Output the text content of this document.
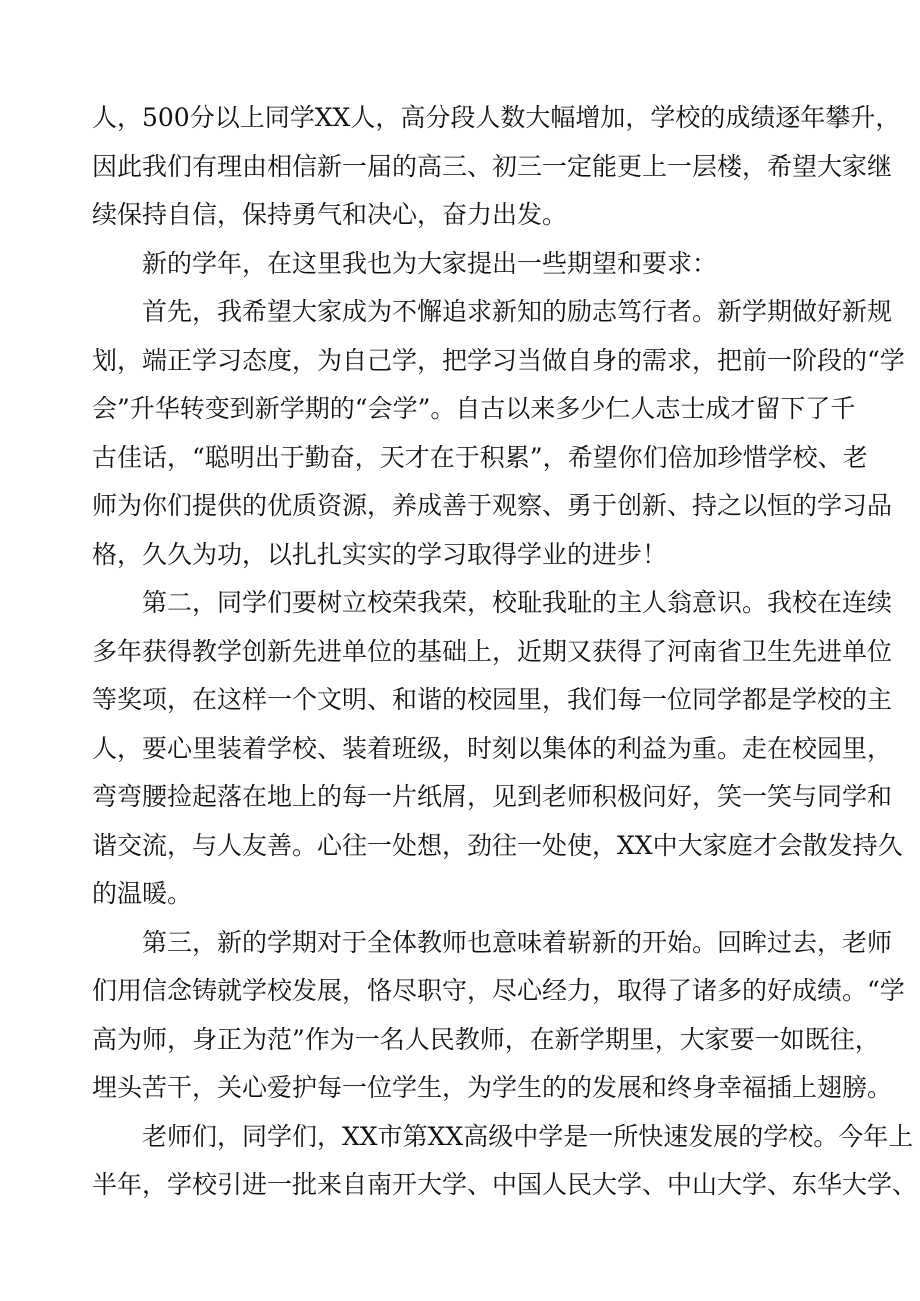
人，500分以上同学XX人，高分段人数大幅增加，学校的成绩逐年攀升，
因此我们有理由相信新一届的高三、初三一定能更上一层楼，希望大家继
续保持自信，保持勇气和决心，奋力出发。
新的学年，在这里我也为大家提出一些期望和要求：
首先，我希望大家成为不懈追求新知的励志笃行者。新学期做好新规
划，端正学习态度，为自己学，把学习当做自身的需求，把前一阶段的“学
会”升华转变到新学期的“会学”。自古以来多少仁人志士成才留下了千
古佳话，“聪明出于勤奋，天才在于积累”，希望你们倍加珍惜学校、老
师为你们提供的优质资源，养成善于观察、勇于创新、持之以恒的学习品
格，久久为功，以扎扎实实的学习取得学业的进步！
第二，同学们要树立校荣我荣，校耻我耻的主人翁意识。我校在连续
多年获得教学创新先进单位的基础上，近期又获得了河南省卫生先进单位
等奖项，在这样一个文明、和谐的校园里，我们每一位同学都是学校的主
人，要心里装着学校、装着班级，时刻以集体的利益为重。走在校园里，
弯弯腰捡起落在地上的每一片纸屑，见到老师积极问好，笑一笑与同学和
谐交流，与人友善。心往一处想，劲往一处使，XX中大家庭才会散发持久
的温暖。
第三，新的学期对于全体教师也意味着崭新的开始。回眸过去，老师
们用信念铸就学校发展，恪尽职守，尽心经力，取得了诸多的好成绩。“学
高为师，身正为范”作为一名人民教师，在新学期里，大家要一如既往，
埋头苦干，关心爱护每一位学生，为学生的的发展和终身幸福插上翅膀。
老师们，同学们，XX市第XX高级中学是一所快速发展的学校。今年上
半年，学校引进一批来自南开大学、中国人民大学、中山大学、东华大学、
